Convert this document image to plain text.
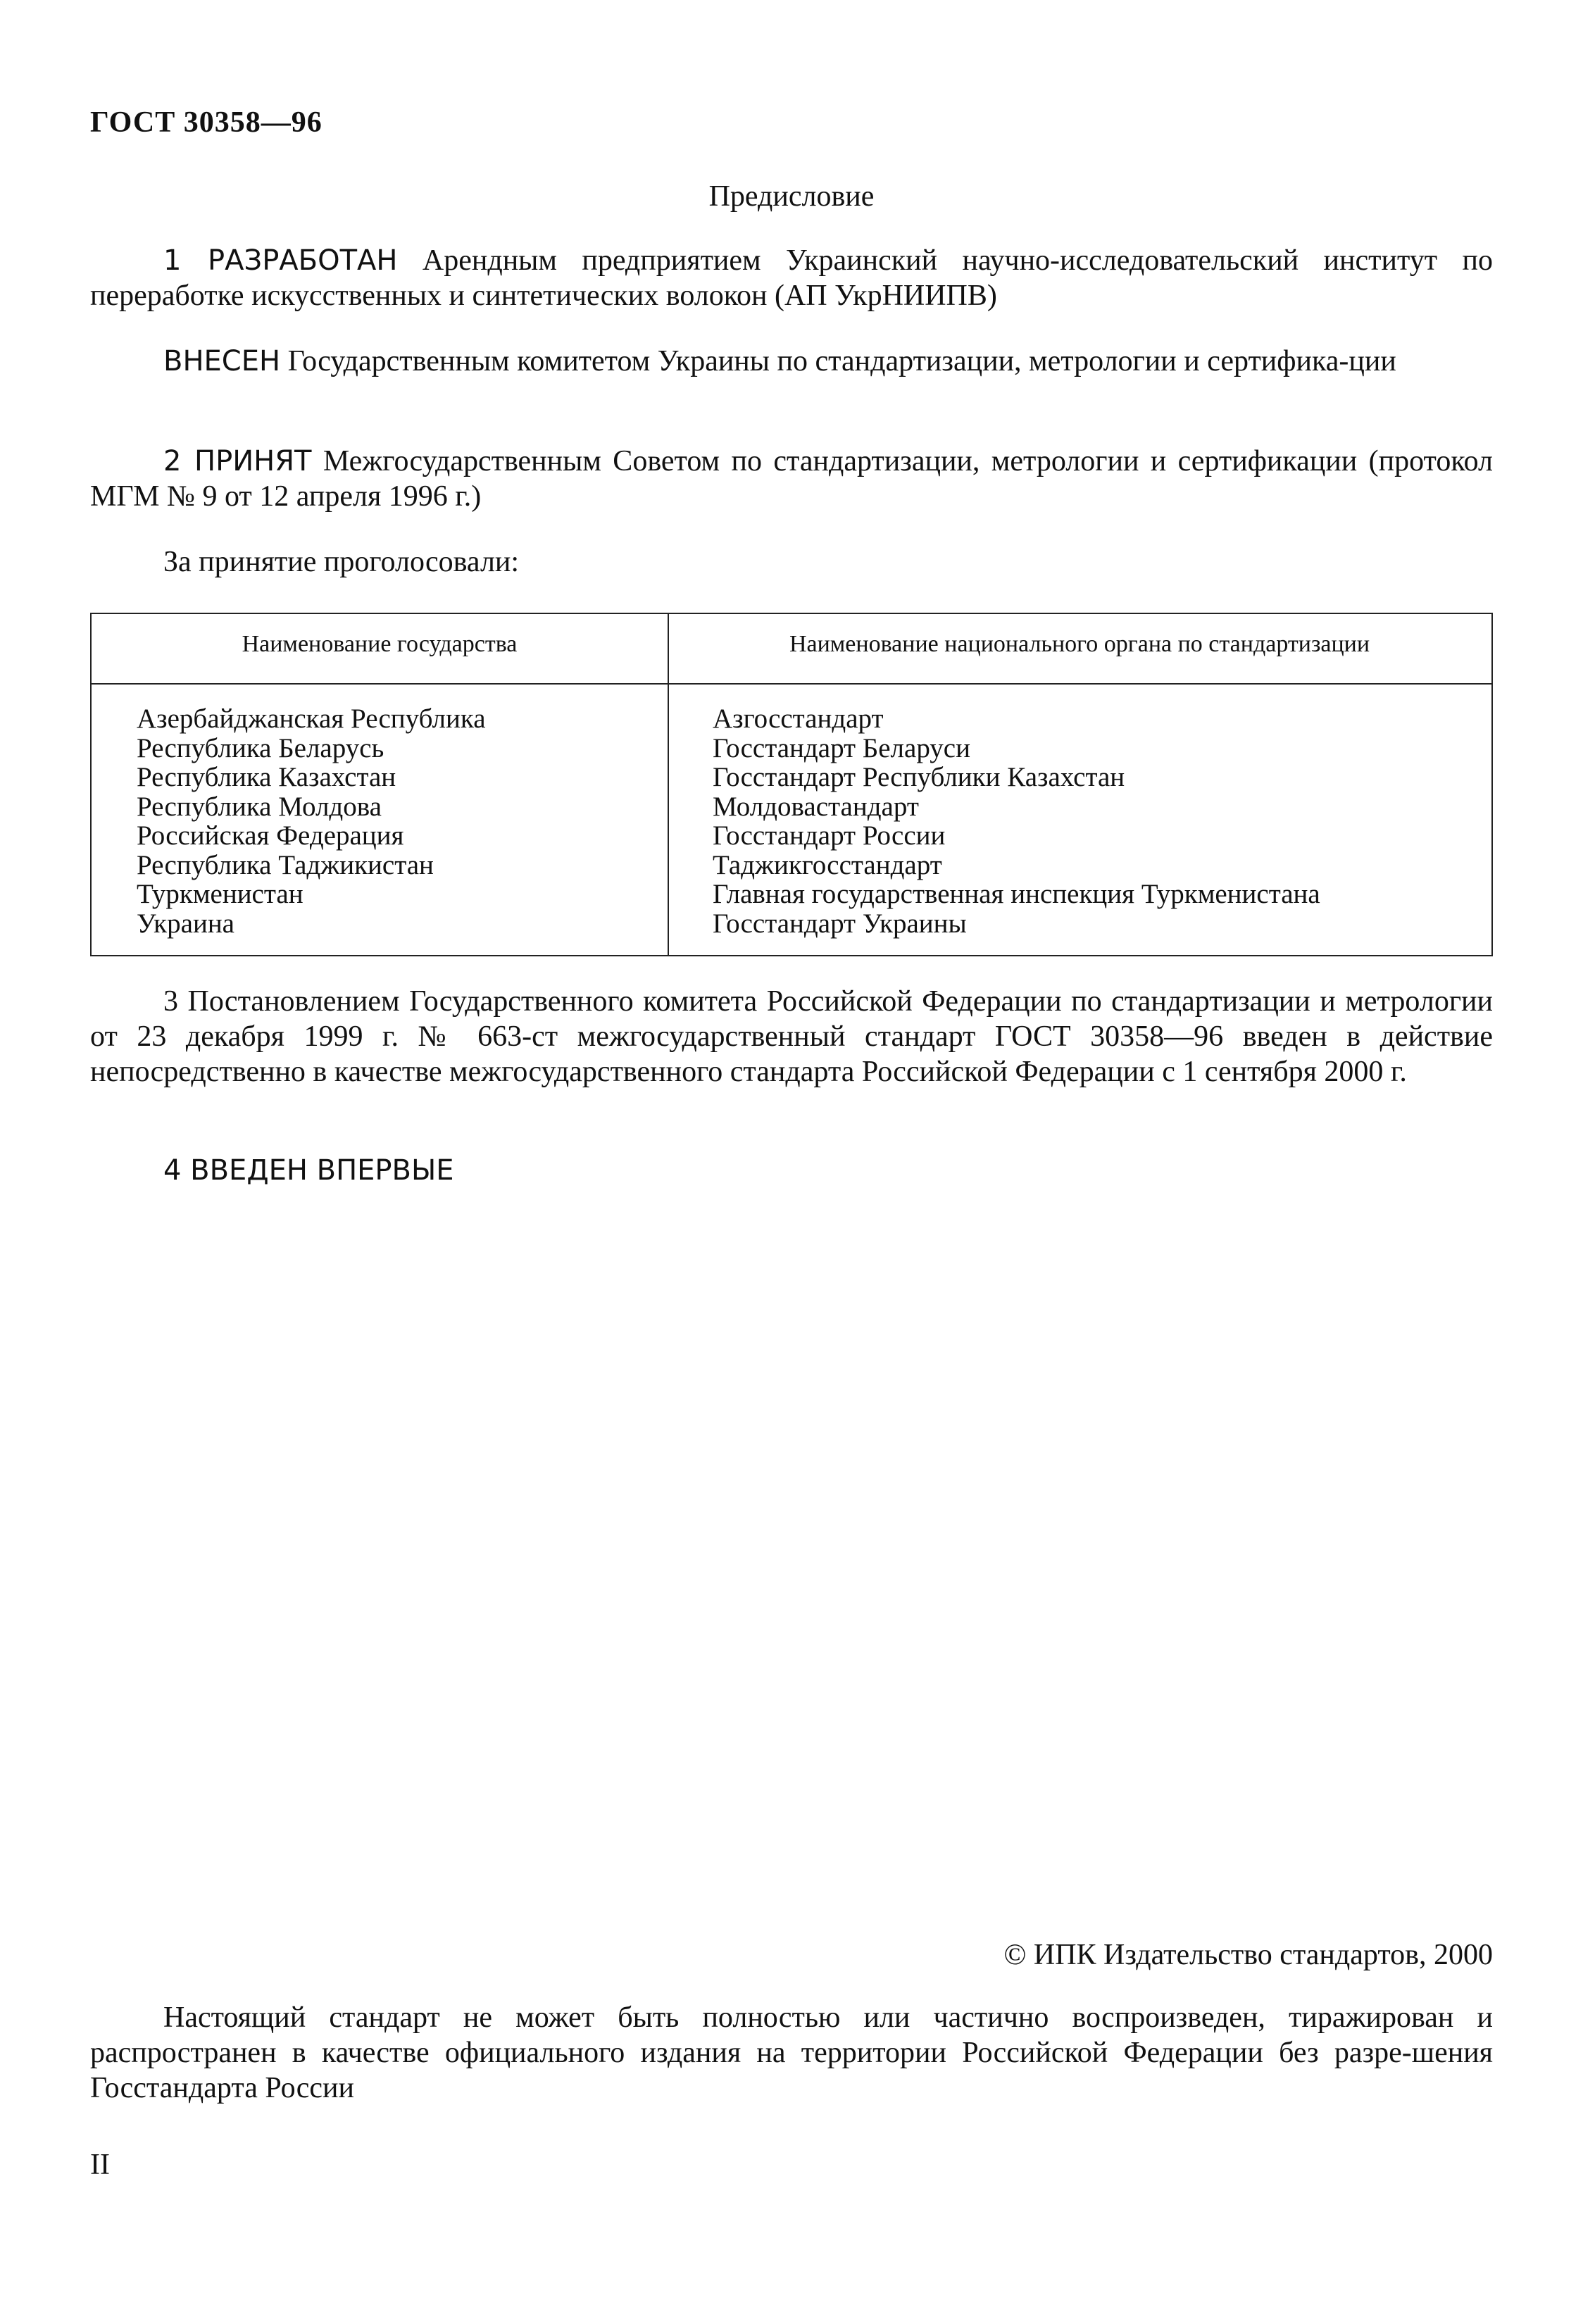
ГОСТ 30358—96
Предисловие
1 РАЗРАБОТАН Арендным предприятием Украинский научно-исследовательский институт по переработке искусственных и синтетических волокон (АП УкрНИИПВ)
ВНЕСЕН Государственным комитетом Украины по стандартизации, метрологии и сертифика-ции
2 ПРИНЯТ Межгосударственным Советом по стандартизации, метрологии и сертификации (протокол МГМ № 9 от 12 апреля 1996 г.)
За принятие проголосовали:
Наименование государства	Наименование национального органа по стандартизации
Азербайджанская Республика
Республика Беларусь
Республика Казахстан
Республика Молдова
Российская Федерация
Республика Таджикистан
Туркменистан
Украина
Азгосстандарт
Госстандарт Беларуси
Госстандарт Республики Казахстан
Молдовастандарт
Госстандарт России
Таджикгосстандарт
Главная государственная инспекция Туркменистана
Госстандарт Украины
3 Постановлением Государственного комитета Российской Федерации по стандартизации и метрологии от 23 декабря 1999 г. № 663-ст межгосударственный стандарт ГОСТ 30358—96 введен в действие непосредственно в качестве межгосударственного стандарта Российской Федерации с 1 сентября 2000 г.
4 ВВЕДЕН ВПЕРВЫЕ
© ИПК Издательство стандартов, 2000
Настоящий стандарт не может быть полностью или частично воспроизведен, тиражирован и распространен в качестве официального издания на территории Российской Федерации без разре-шения Госстандарта России
II
